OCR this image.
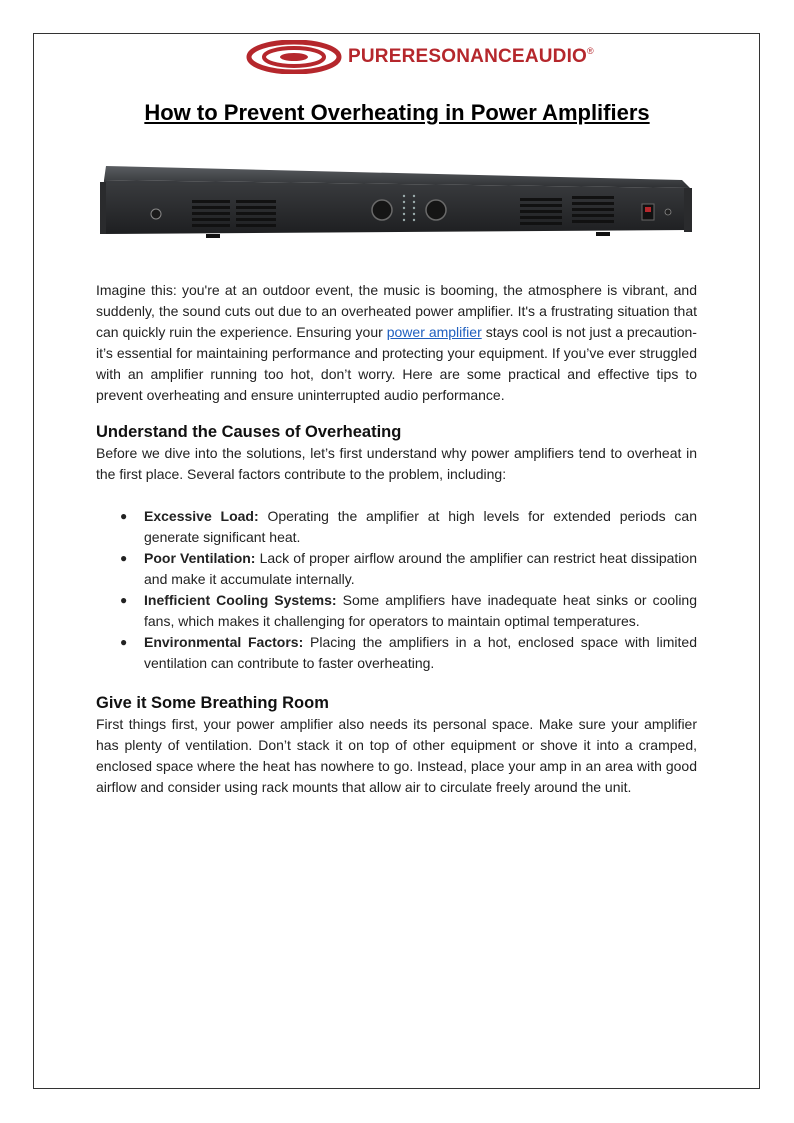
PURERESONANCEAUDIO®
How to Prevent Overheating in Power Amplifiers

Imagine this: you're at an outdoor event, the music is booming, the atmosphere is vibrant, and suddenly, the sound cuts out due to an overheated power amplifier. It's a frustrating situation that can quickly ruin the experience. Ensuring your power amplifier stays cool is not just a precaution- it’s essential for maintaining performance and protecting your equipment. If you’ve ever struggled with an amplifier running too hot, don’t worry. Here are some practical and effective tips to prevent overheating and ensure uninterrupted audio performance.

Understand the Causes of Overheating

Before we dive into the solutions, let’s first understand why power amplifiers tend to overheat in the first place. Several factors contribute to the problem, including:

● Excessive Load: Operating the amplifier at high levels for extended periods can generate significant heat.
● Poor Ventilation: Lack of proper airflow around the amplifier can restrict heat dissipation and make it accumulate internally.
● Inefficient Cooling Systems: Some amplifiers have inadequate heat sinks or cooling fans, which makes it challenging for operators to maintain optimal temperatures.
● Environmental Factors: Placing the amplifiers in a hot, enclosed space with limited ventilation can contribute to faster overheating.
Give it Some Breathing Room

First things first, your power amplifier also needs its personal space. Make sure your amplifier has plenty of ventilation. Don’t stack it on top of other equipment or shove it into a cramped, enclosed space where the heat has nowhere to go. Instead, place your amp in an area with good airflow and consider using rack mounts that allow air to circulate freely around the unit.
